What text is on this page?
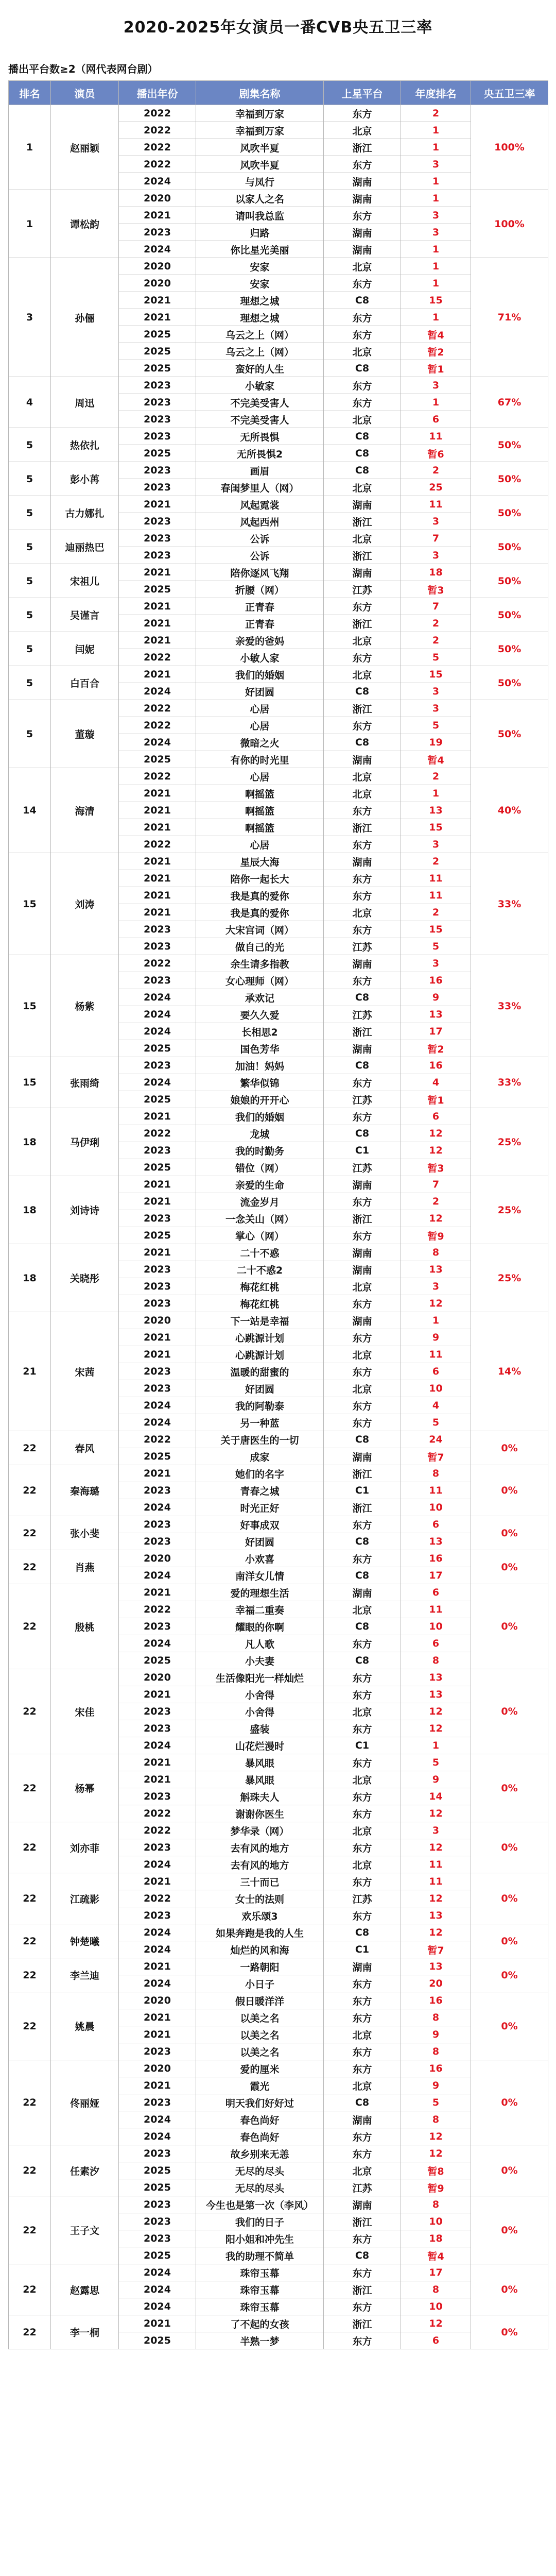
2020-2025年女演员一番CVB央五卫三率
播出平台数≥2（网代表网台剧）
排名	演员	播出年份	剧集名称	上星平台	年度排名	央五卫三率
1	赵丽颖	2022	幸福到万家	东方	2	100%
		2022	幸福到万家	北京	1	
		2022	风吹半夏	浙江	1	
		2022	风吹半夏	东方	3	
		2024	与凤行	湖南	1	
1	谭松韵	2020	以家人之名	湖南	1	100%
		2021	请叫我总监	东方	3	
		2023	归路	湖南	3	
		2024	你比星光美丽	湖南	1	
3	孙俪	2020	安家	北京	1	71%
		2020	安家	东方	1	
		2021	理想之城	C8	15	
		2021	理想之城	东方	1	
		2025	乌云之上（网）	东方	暂4	
		2025	乌云之上（网）	北京	暂2	
		2025	蛮好的人生	C8	暂1	
4	周迅	2023	小敏家	东方	3	67%
		2023	不完美受害人	东方	1	
		2023	不完美受害人	北京	6	
5	热依扎	2023	无所畏惧	C8	11	50%
		2025	无所畏惧2	C8	暂6	
5	彭小苒	2023	画眉	C8	2	50%
		2023	春闺梦里人（网）	北京	25	
5	古力娜扎	2021	风起霓裳	湖南	11	50%
		2023	风起西州	浙江	3	
5	迪丽热巴	2023	公诉	北京	7	50%
		2023	公诉	浙江	3	
5	宋祖儿	2021	陪你逐风飞翔	湖南	18	50%
		2025	折腰（网）	江苏	暂3	
5	吴谨言	2021	正青春	东方	7	50%
		2021	正青春	浙江	2	
5	闫妮	2021	亲爱的爸妈	北京	2	50%
		2022	小敏人家	东方	5	
5	白百合	2021	我们的婚姻	北京	15	50%
		2024	好团圆	C8	3	
5	董璇	2022	心居	浙江	3	50%
		2022	心居	东方	5	
		2024	微暗之火	C8	19	
		2025	有你的时光里	湖南	暂4	
14	海清	2022	心居	北京	2	40%
		2021	啊摇篮	北京	1	
		2021	啊摇篮	东方	13	
		2021	啊摇篮	浙江	15	
		2022	心居	东方	3	
15	刘涛	2021	星辰大海	湖南	2	33%
		2021	陪你一起长大	东方	11	
		2021	我是真的爱你	东方	11	
		2021	我是真的爱你	北京	2	
		2023	大宋宫词（网）	东方	15	
		2023	做自己的光	江苏	5	
15	杨紫	2022	余生请多指教	湖南	3	33%
		2023	女心理师（网）	东方	16	
		2024	承欢记	C8	9	
		2024	要久久爱	江苏	13	
		2024	长相思2	浙江	17	
		2025	国色芳华	湖南	暂2	
15	张雨绮	2023	加油！妈妈	C8	16	33%
		2024	繁华似锦	东方	4	
		2025	娘娘的开开心	江苏	暂1	
18	马伊琍	2021	我们的婚姻	东方	6	25%
		2022	龙城	C8	12	
		2023	我的时勤务	C1	12	
		2025	错位（网）	江苏	暂3	
18	刘诗诗	2021	亲爱的生命	湖南	7	25%
		2021	流金岁月	东方	2	
		2023	一念关山（网）	浙江	12	
		2025	掌心（网）	东方	暂9	
18	关晓彤	2021	二十不惑	湖南	8	25%
		2023	二十不惑2	湖南	13	
		2023	梅花红桃	北京	3	
		2023	梅花红桃	东方	12	
21	宋茜	2020	下一站是幸福	湖南	1	14%
		2021	心跳源计划	东方	9	
		2021	心跳源计划	北京	11	
		2023	温暖的甜蜜的	东方	6	
		2023	好团圆	北京	10	
		2024	我的阿勒泰	东方	4	
		2024	另一种蓝	东方	5	
22	春风	2022	关于唐医生的一切	C8	24	0%
		2025	成家	湖南	暂7	
22	秦海璐	2021	她们的名字	浙江	8	0%
		2023	青春之城	C1	11	
		2024	时光正好	浙江	10	
22	张小斐	2023	好事成双	东方	6	0%
		2023	好团圆	C8	13	
22	肖燕	2020	小欢喜	东方	16	0%
		2024	南洋女儿情	C8	17	
22	殷桃	2021	爱的理想生活	湖南	6	0%
		2022	幸福二重奏	北京	11	
		2023	耀眼的你啊	C8	10	
		2024	凡人歌	东方	6	
		2025	小夫妻	C8	8	
22	宋佳	2020	生活像阳光一样灿烂	东方	13	0%
		2021	小舍得	东方	13	
		2023	小舍得	北京	12	
		2023	盛装	东方	12	
		2024	山花烂漫时	C1	1	
22	杨幂	2021	暴风眼	东方	5	0%
		2021	暴风眼	北京	9	
		2023	斛珠夫人	东方	14	
		2022	谢谢你医生	东方	12	
22	刘亦菲	2022	梦华录（网）	北京	3	0%
		2023	去有风的地方	东方	12	
		2024	去有风的地方	北京	11	
22	江疏影	2021	三十而已	东方	11	0%
		2022	女士的法则	江苏	12	
		2023	欢乐颂3	东方	13	
22	钟楚曦	2024	如果奔跑是我的人生	C8	12	0%
		2024	灿烂的风和海	C1	暂7	
22	李兰迪	2021	一路朝阳	湖南	13	0%
		2024	小日子	东方	20	
22	姚晨	2020	假日暖洋洋	东方	16	0%
		2021	以美之名	东方	8	
		2021	以美之名	北京	9	
		2023	以美之名	东方	8	
22	佟丽娅	2020	爱的厘米	东方	16	0%
		2021	霞光	北京	9	
		2023	明天我们好好过	C8	5	
		2024	春色尚好	湖南	8	
		2024	春色尚好	东方	12	
22	任素汐	2023	故乡别来无恙	东方	12	0%
		2025	无尽的尽头	北京	暂8	
		2025	无尽的尽头	江苏	暂9	
22	王子文	2023	今生也是第一次（李风）	湖南	8	0%
		2023	我们的日子	浙江	10	
		2023	阳小姐和冲先生	东方	18	
		2025	我的助理不简单	C8	暂4	
22	赵露思	2024	珠帘玉幕	东方	17	0%
		2024	珠帘玉幕	浙江	8	
		2024	珠帘玉幕	东方	10	
22	李一桐	2021	了不起的女孩	浙江	12	0%
		2025	半熟一梦	东方	6	
